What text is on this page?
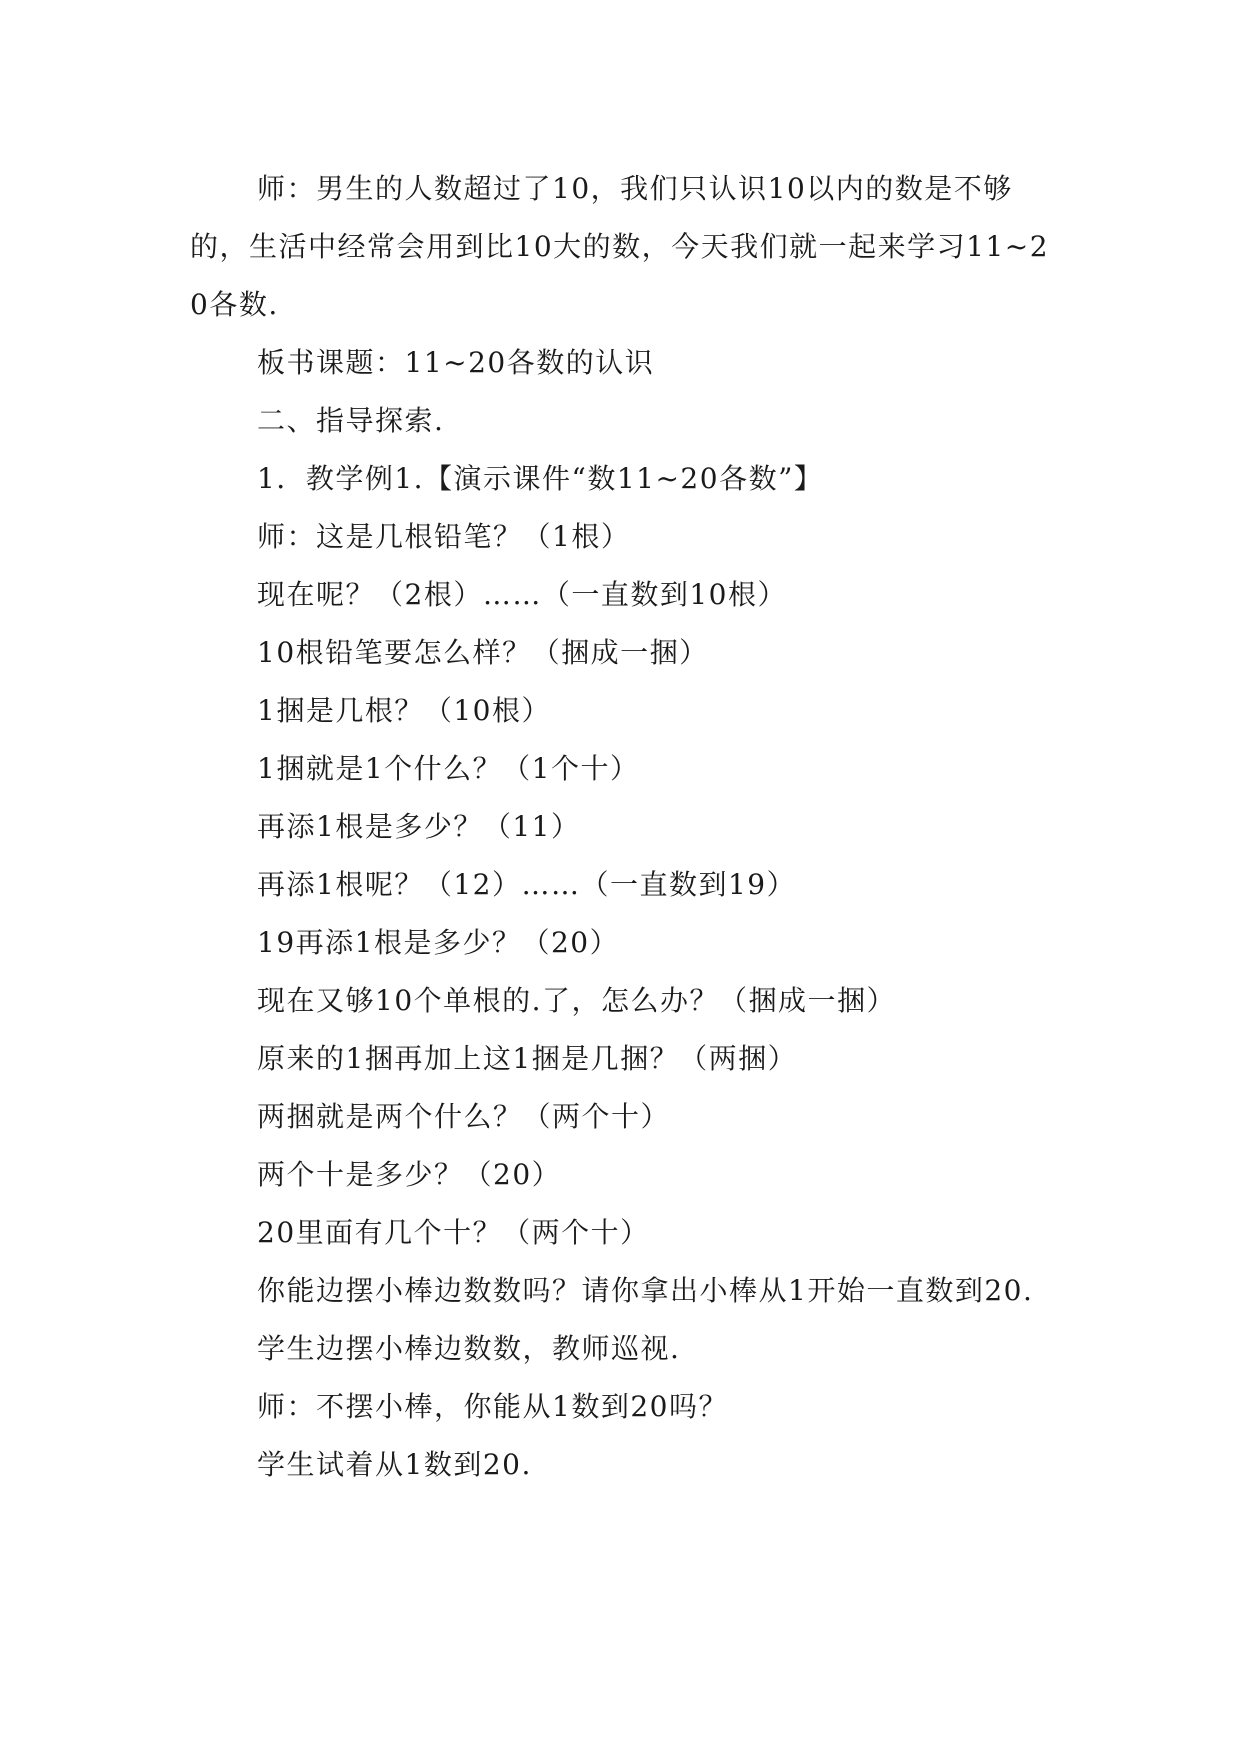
师：男生的人数超过了10，我们只认识10以内的数是不够的，生活中经常会用到比10大的数，今天我们就一起来学习11~20各数.

板书课题：11~20各数的认识

二、指导探索.

1．教学例1.【演示课件“数11~20各数”】

师：这是几根铅笔？（1根）

现在呢？（2根）……（一直数到10根）

10根铅笔要怎么样？（捆成一捆）

1捆是几根？（10根）

1捆就是1个什么？（1个十）

再添1根是多少？（11）

再添1根呢？（12）……（一直数到19）

19再添1根是多少？（20）

现在又够10个单根的.了，怎么办？（捆成一捆）

原来的1捆再加上这1捆是几捆？（两捆）

两捆就是两个什么？（两个十）

两个十是多少？（20）

20里面有几个十？（两个十）

你能边摆小棒边数数吗？请你拿出小棒从1开始一直数到20.

学生边摆小棒边数数，教师巡视.

师：不摆小棒，你能从1数到20吗？

学生试着从1数到20.
